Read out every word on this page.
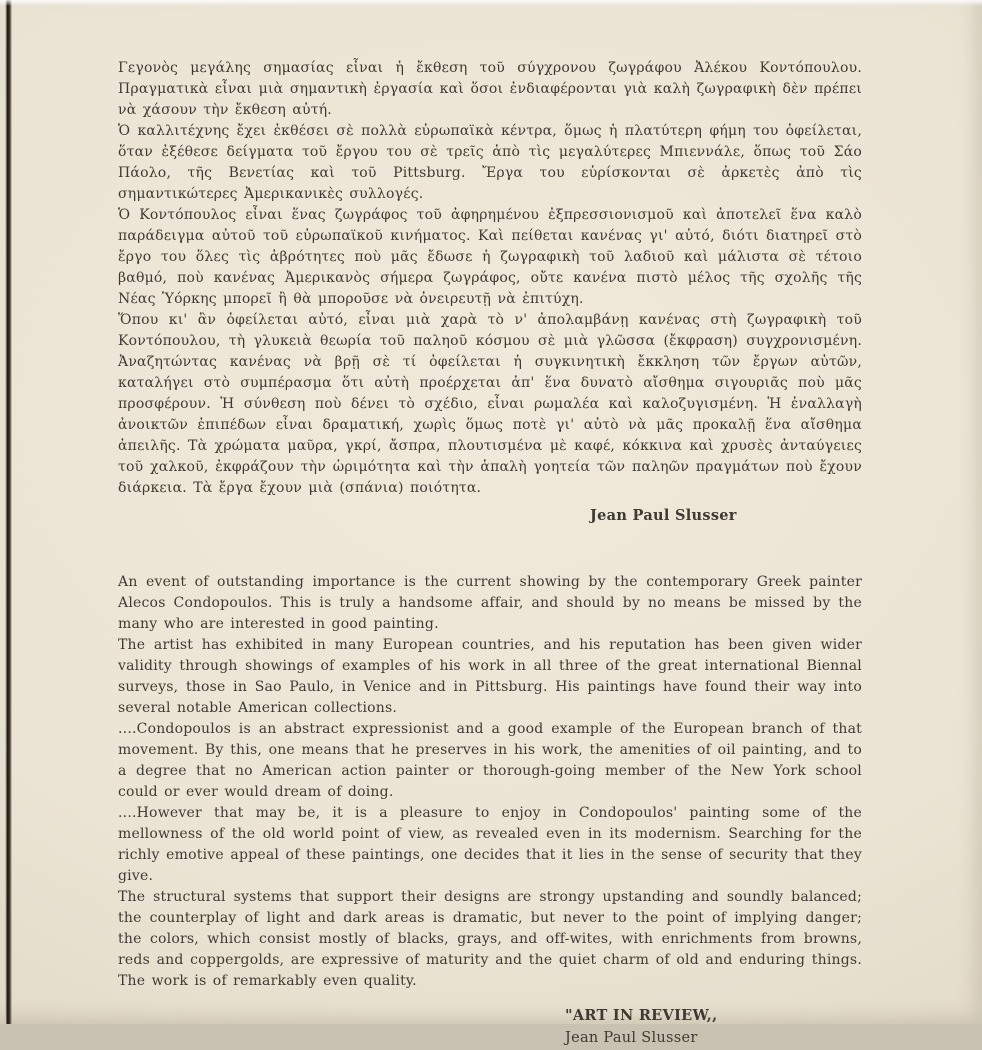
Γεγονὸς μεγάλης σημασίας εἶναι ἡ ἔκθεση τοῦ σύγχρονου ζωγράφου Ἀλέκου Κοντόπουλου. Πραγματικὰ εἶναι μιὰ σημαντικὴ ἐργασία καὶ ὅσοι ἐνδιαφέρονται γιὰ καλὴ ζωγραφικὴ δὲν πρέπει νὰ χάσουν τὴν ἔκθεση αὐτή.

Ὁ καλλιτέχνης ἔχει ἐκθέσει σὲ πολλὰ εὐρωπαϊκὰ κέντρα, ὅμως ἡ πλατύτερη φήμη του ὀφείλεται, ὅταν ἐξέθεσε δείγματα τοῦ ἔργου του σὲ τρεῖς ἀπὸ τὶς μεγαλύτερες Μπιεννάλε, ὅπως τοῦ Σάο Πάολο, τῆς Βενετίας καὶ τοῦ Pittsburg. Ἔργα του εὑρίσκονται σὲ ἀρκετὲς ἀπὸ τὶς σημαντικώτερες Ἀμερικανικὲς συλλογές.

Ὁ Κοντόπουλος εἶναι ἕνας ζωγράφος τοῦ ἀφηρημένου ἐξπρεσσιονισμοῦ καὶ ἀποτελεῖ ἕνα καλὸ παράδειγμα αὐτοῦ τοῦ εὐρωπαϊκοῦ κινήματος. Καὶ πείθεται κανένας γι' αὐτό, διότι διατηρεῖ στὸ ἔργο του ὅλες τὶς ἁβρότητες ποὺ μᾶς ἔδωσε ἡ ζωγραφικὴ τοῦ λαδιοῦ καὶ μάλιστα σὲ τέτοιο βαθμό, ποὺ κανένας Ἀμερικανὸς σήμερα ζωγράφος, οὔτε κανένα πιστὸ μέλος τῆς σχολῆς τῆς Νέας Ὑόρκης μπορεῖ ἢ θὰ μποροῦσε νὰ ὀνειρευτῇ νὰ ἐπιτύχη.

Ὅπου κι' ἂν ὀφείλεται αὐτό, εἶναι μιὰ χαρὰ τὸ ν' ἀπολαμβάνῃ κανένας στὴ ζωγραφικὴ τοῦ Κοντόπουλου, τὴ γλυκειὰ θεωρία τοῦ παληοῦ κόσμου σὲ μιὰ γλῶσσα (ἔκφραση) συγχρονισμένη. Ἀναζητώντας κανένας νὰ βρῇ σὲ τί ὀφείλεται ἡ συγκινητικὴ ἔκκληση τῶν ἔργων αὐτῶν, καταλήγει στὸ συμπέρασμα ὅτι αὐτὴ προέρχεται ἀπ' ἕνα δυνατὸ αἴσθημα σιγουριᾶς ποὺ μᾶς προσφέρουν. Ἡ σύνθεση ποὺ δένει τὸ σχέδιο, εἶναι ρωμαλέα καὶ καλοζυγισμένη. Ἡ ἐναλλαγὴ ἀνοικτῶν ἐπιπέδων εἶναι δραματική, χωρὶς ὅμως ποτὲ γι' αὐτὸ νὰ μᾶς προκαλῇ ἕνα αἴσθημα ἀπειλῆς. Τὰ χρώματα μαῦρα, γκρί, ἄσπρα, πλουτισμένα μὲ καφέ, κόκκινα καὶ χρυσὲς ἀνταύγειες τοῦ χαλκοῦ, ἐκφράζουν τὴν ὡριμότητα καὶ τὴν ἁπαλὴ γοητεία τῶν παληῶν πραγμάτων ποὺ ἔχουν διάρκεια. Τὰ ἔργα ἔχουν μιὰ (σπάνια) ποιότητα.

Jean Paul Slusser

An event of outstanding importance is the current showing by the contemporary Greek painter Alecos Condopoulos. This is truly a handsome affair, and should by no means be missed by the many who are interested in good painting.

The artist has exhibited in many European countries, and his reputation has been given wider validity through showings of examples of his work in all three of the great international Biennal surveys, those in Sao Paulo, in Venice and in Pittsburg. His paintings have found their way into several notable American collections.

....Condopoulos is an abstract expressionist and a good example of the European branch of that movement. By this, one means that he preserves in his work, the amenities of oil painting, and to a degree that no American action painter or thorough-going member of the New York school could or ever would dream of doing.

....However that may be, it is a pleasure to enjoy in Condopoulos' painting some of the mellowness of the old world point of view, as revealed even in its modernism. Searching for the richly emotive appeal of these paintings, one decides that it lies in the sense of security that they give.

The structural systems that support their designs are strongy upstanding and soundly balanced; the counterplay of light and dark areas is dramatic, but never to the point of implying danger; the colors, which consist mostly of blacks, grays, and off-wites, with enrichments from browns, reds and coppergolds, are expressive of maturity and the quiet charm of old and enduring things. The work is of remarkably even quality.

"ART IN REVIEW,,
Jean Paul Slusser
